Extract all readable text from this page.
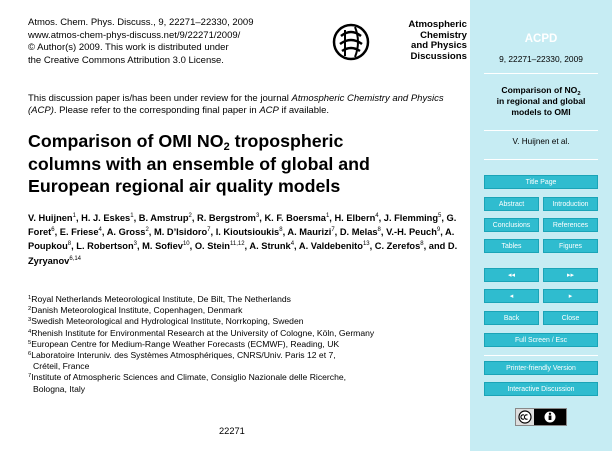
Atmos. Chem. Phys. Discuss., 9, 22271–22330, 2009
www.atmos-chem-phys-discuss.net/9/22271/2009/
© Author(s) 2009. This work is distributed under
the Creative Commons Attribution 3.0 License.
Atmospheric
Chemistry
and Physics
Discussions
This discussion paper is/has been under review for the journal Atmospheric Chemistry and Physics (ACP). Please refer to the corresponding final paper in ACP if available.
Comparison of OMI $NO_2$ tropospheric
columns with an ensemble of global and
European regional air quality models
V. Huijnen$^1$, H. J. Eskes$^1$, B. Amstrup$^2$, R. Bergstrom$^3$, K. F. Boersma$^1$, H. Elbern$^4$, J. Flemming$^5$, G. Foret$^6$, E. Friese$^4$, A. Gross$^2$, M. D’Isidoro$^7$, I. Kioutsioukis$^8$, A. Maurizi$^7$, D. Melas$^8$, V.-H. Peuch$^9$, A. Poupkou$^8$, L. Robertson$^3$, M. Sofiev$^{10}$, O. Stein$^{11,12}$, A. Strunk$^4$, A. Valdebenito$^{13}$, C. Zerefos$^8$, and D. Zyryanov$^{6,14}$
$^1$Royal Netherlands Meteorological Institute, De Bilt, The Netherlands
$^2$Danish Meteorological Institute, Copenhagen, Denmark
$^3$Swedish Meteorological and Hydrological Institute, Norrkoping, Sweden
$^4$Rhenish Institute for Environmental Research at the University of Cologne, Köln, Germany
$^5$European Centre for Medium-Range Weather Forecasts (ECMWF), Reading, UK
$^6$Laboratoire Interuniv. des Systèmes Atmosphériques, CNRS/Univ. Paris 12 et 7,
Créteil, France
$^7$Institute of Atmospheric Sciences and Climate, Consiglio Nazionale delle Ricerche,
Bologna, Italy
22271
ACPD
9, 22271–22330, 2009
Comparison of $NO_2$
in regional and global
models to OMI
V. Huijnen et al.
Title Page
Abstract	Introduction
Conclusions	References
Tables	Figures
◂◂	▸▸
◂	▸
Back	Close
Full Screen / Esc
Printer-friendly Version
Interactive Discussion
